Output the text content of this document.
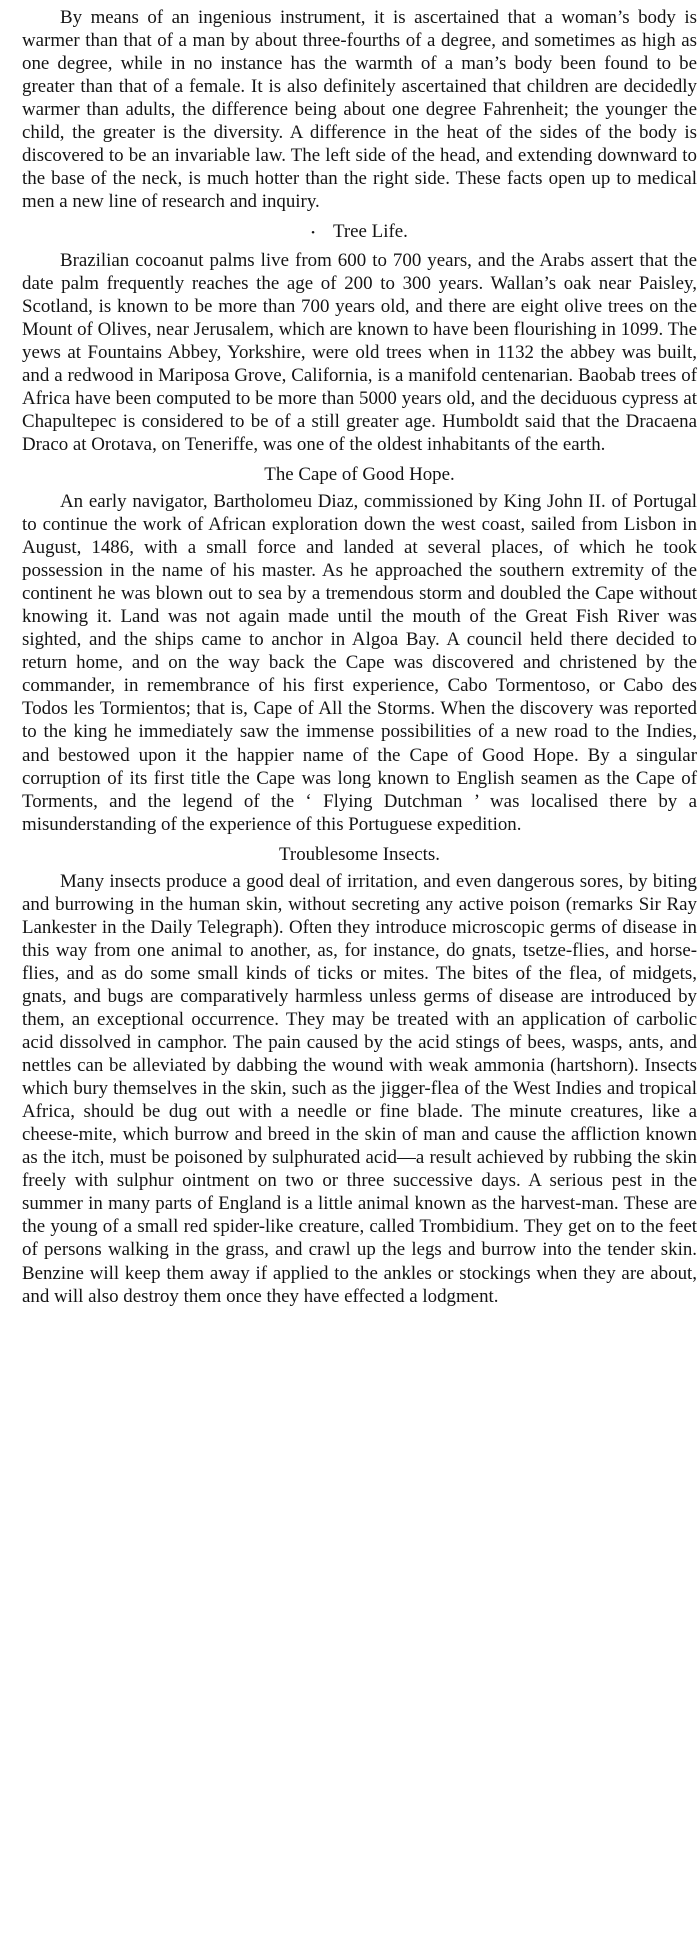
By means of an ingenious instrument, it is ascertained that a woman’s body is warmer than that of a man by about three-fourths of a degree, and sometimes as high as one degree, while in no instance has the warmth of a man’s body been found to be greater than that of a female. It is also definitely ascertained that children are decidedly warmer than adults, the difference being about one degree Fahrenheit; the younger the child, the greater is the diversity. A difference in the heat of the sides of the body is discovered to be an invariable law. The left side of the head, and extending downward to the base of the neck, is much hotter than the right side. These facts open up to medical men a new line of research and inquiry.

• Tree Life.

Brazilian cocoanut palms live from 600 to 700 years, and the Arabs assert that the date palm frequently reaches the age of 200 to 300 years. Wallan’s oak near Paisley, Scotland, is known to be more than 700 years old, and there are eight olive trees on the Mount of Olives, near Jerusalem, which are known to have been flourishing in 1099. The yews at Fountains Abbey, Yorkshire, were old trees when in 1132 the abbey was built, and a redwood in Mariposa Grove, California, is a manifold centenarian. Baobab trees of Africa have been computed to be more than 5000 years old, and the deciduous cypress at Chapultepec is considered to be of a still greater age. Humboldt said that the Dracaena Draco at Orotava, on Teneriffe, was one of the oldest inhabitants of the earth.

The Cape of Good Hope.

An early navigator, Bartholomeu Diaz, commissioned by King John II. of Portugal to continue the work of African exploration down the west coast, sailed from Lisbon in August, 1486, with a small force and landed at several places, of which he took possession in the name of his master. As he approached the southern extremity of the continent he was blown out to sea by a tremendous storm and doubled the Cape without knowing it. Land was not again made until the mouth of the Great Fish River was sighted, and the ships came to anchor in Algoa Bay. A council held there decided to return home, and on the way back the Cape was discovered and christened by the commander, in remembrance of his first experience, Cabo Tormentoso, or Cabo des Todos les Tormientos; that is, Cape of All the Storms. When the discovery was reported to the king he immediately saw the immense possibilities of a new road to the Indies, and bestowed upon it the happier name of the Cape of Good Hope. By a singular corruption of its first title the Cape was long known to English seamen as the Cape of Torments, and the legend of the ‘ Flying Dutchman ’ was localised there by a misunderstanding of the experience of this Portuguese expedition.

Troublesome Insects.

Many insects produce a good deal of irritation, and even dangerous sores, by biting and burrowing in the human skin, without secreting any active poison (remarks Sir Ray Lankester in the Daily Telegraph). Often they introduce microscopic germs of disease in this way from one animal to another, as, for instance, do gnats, tsetze-flies, and horse-flies, and as do some small kinds of ticks or mites. The bites of the flea, of midgets, gnats, and bugs are comparatively harmless unless germs of disease are introduced by them, an exceptional occurrence. They may be treated with an application of carbolic acid dissolved in camphor. The pain caused by the acid stings of bees, wasps, ants, and nettles can be alleviated by dabbing the wound with weak ammonia (hartshorn). Insects which bury themselves in the skin, such as the jigger-flea of the West Indies and tropical Africa, should be dug out with a needle or fine blade. The minute creatures, like a cheese-mite, which burrow and breed in the skin of man and cause the affliction known as the itch, must be poisoned by sulphurated acid—a result achieved by rubbing the skin freely with sulphur ointment on two or three successive days. A serious pest in the summer in many parts of England is a little animal known as the harvest-man. These are the young of a small red spider-like creature, called Trombidium. They get on to the feet of persons walking in the grass, and crawl up the legs and burrow into the tender skin. Benzine will keep them away if applied to the ankles or stockings when they are about, and will also destroy them once they have effected a lodgment.
